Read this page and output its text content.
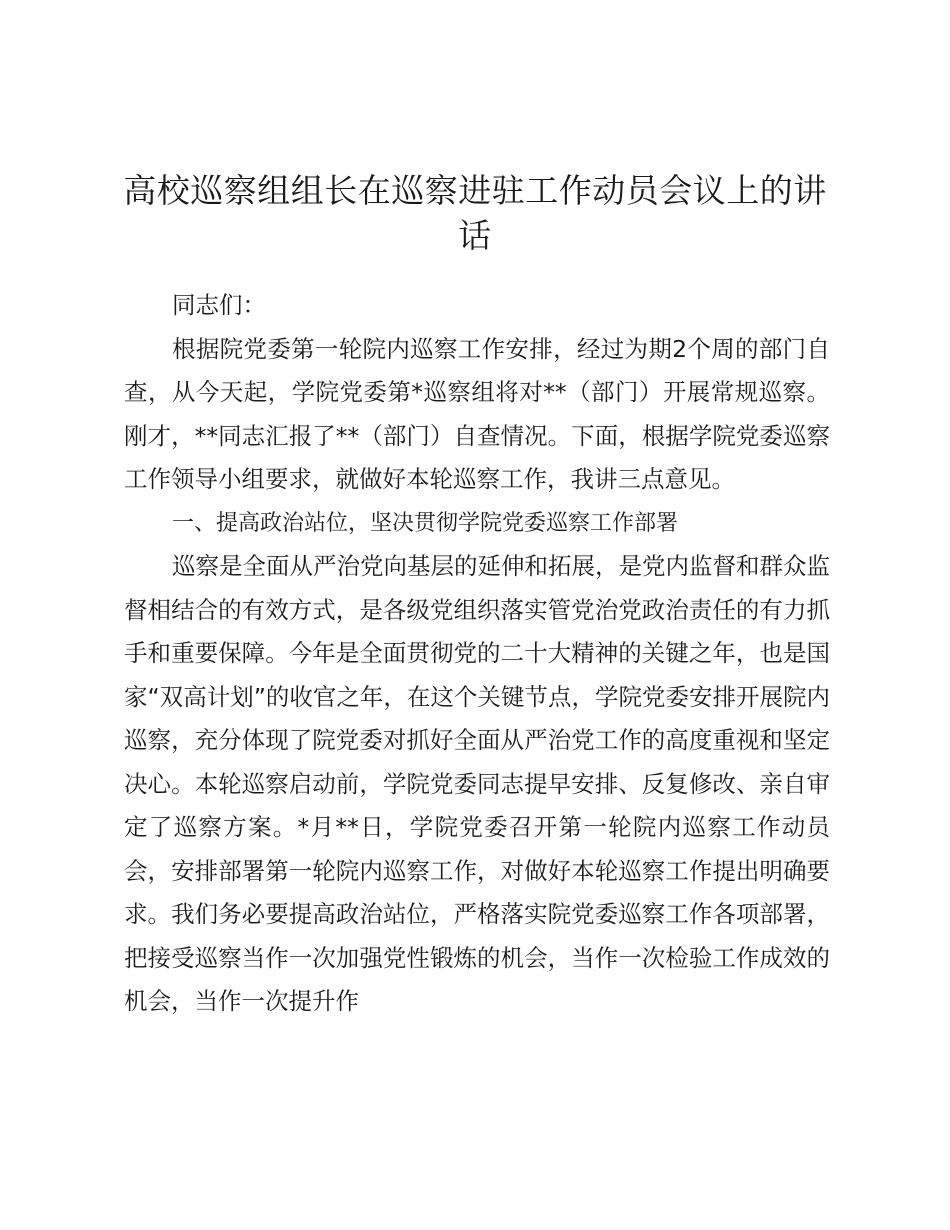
高校巡察组组长在巡察进驻工作动员会议上的讲话

同志们：

根据院党委第一轮院内巡察工作安排，经过为期2个周的部门自查，从今天起，学院党委第*巡察组将对**（部门）开展常规巡察。刚才，**同志汇报了**（部门）自查情况。下面，根据学院党委巡察工作领导小组要求，就做好本轮巡察工作，我讲三点意见。

一、提高政治站位，坚决贯彻学院党委巡察工作部署

巡察是全面从严治党向基层的延伸和拓展，是党内监督和群众监督相结合的有效方式，是各级党组织落实管党治党政治责任的有力抓手和重要保障。今年是全面贯彻党的二十大精神的关键之年，也是国家“双高计划”的收官之年，在这个关键节点，学院党委安排开展院内巡察，充分体现了院党委对抓好全面从严治党工作的高度重视和坚定决心。本轮巡察启动前，学院党委同志提早安排、反复修改、亲自审定了巡察方案。*月**日，学院党委召开第一轮院内巡察工作动员会，安排部署第一轮院内巡察工作，对做好本轮巡察工作提出明确要求。我们务必要提高政治站位，严格落实院党委巡察工作各项部署，把接受巡察当作一次加强党性锻炼的机会，当作一次检验工作成效的机会，当作一次提升作
